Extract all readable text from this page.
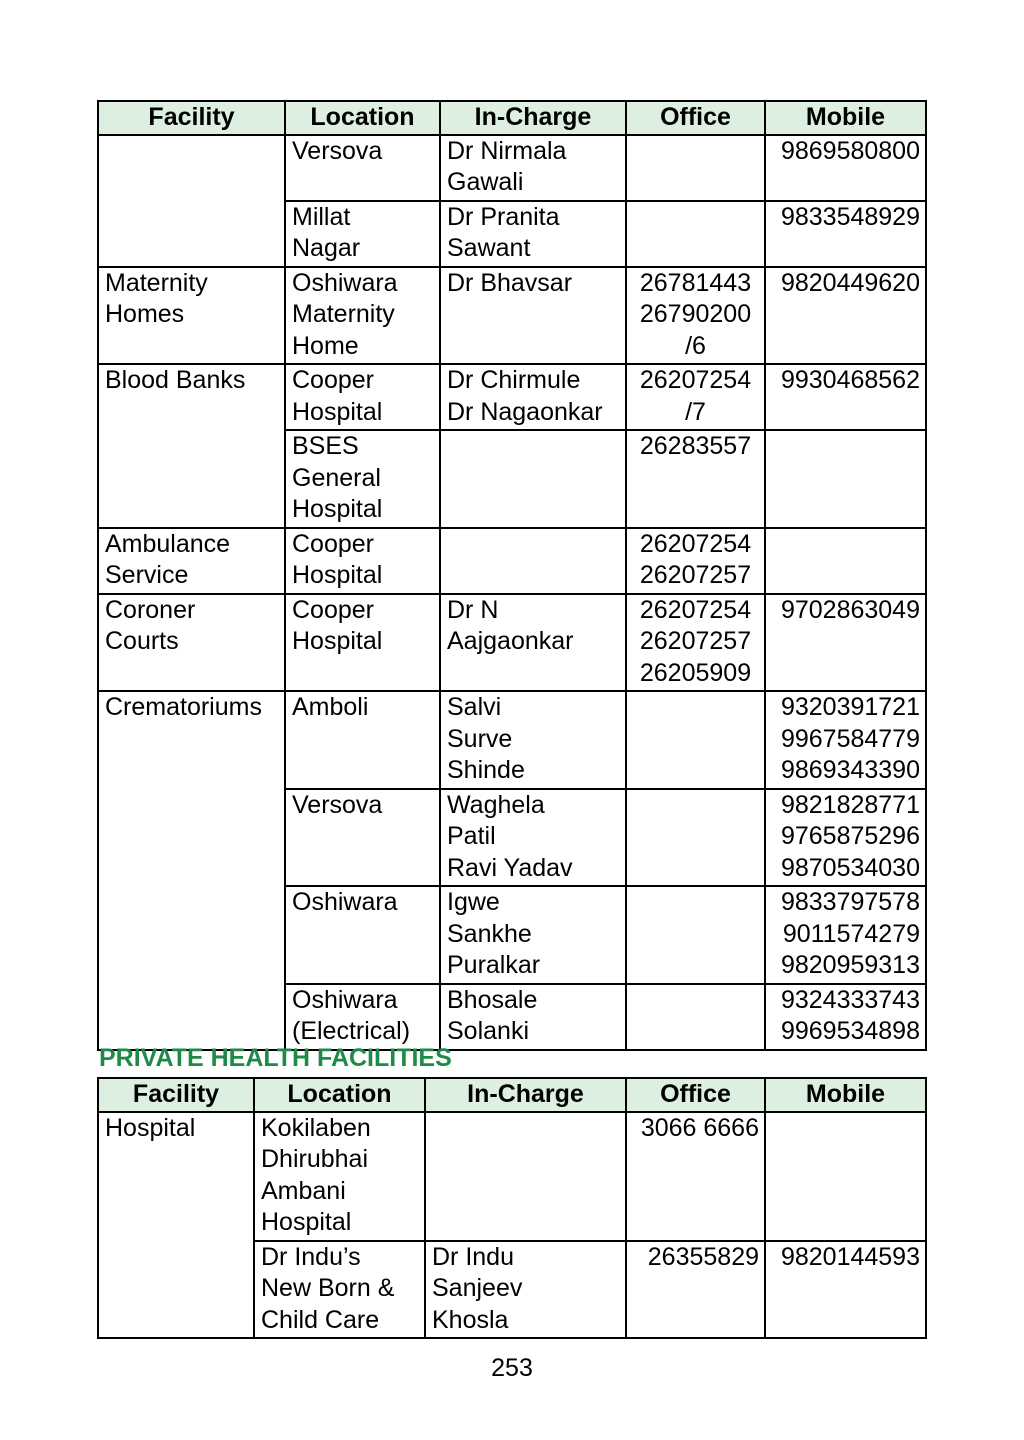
Facility	Location	In-Charge	Office	Mobile

	Versova	Dr Nirmala
Gawali		9869580800

	Millat
Nagar	Dr Pranita
Sawant		9833548929

Maternity
Homes	Oshiwara
Maternity
Home	Dr Bhavsar	26781443
26790200
/6	9820449620

Blood Banks	Cooper
Hospital	Dr Chirmule
Dr Nagaonkar	26207254
/7	9930468562

	BSES
General
Hospital		26283557	

Ambulance
Service	Cooper
Hospital		26207254
26207257	

Coroner
Courts	Cooper
Hospital	Dr N
Aajgaonkar	26207254
26207257
26205909	9702863049

Crematoriums	Amboli	Salvi
Surve
Shinde		9320391721
9967584779
9869343390

	Versova	Waghela
Patil
Ravi Yadav		9821828771
9765875296
9870534030

	Oshiwara	Igwe
Sankhe
Puralkar		9833797578
9011574279
9820959313

	Oshiwara
(Electrical)	Bhosale
Solanki		9324333743
9969534898
PRIVATE HEALTH FACILITIES
Facility	Location	In-Charge	Office	Mobile

Hospital	Kokilaben
Dhirubhai
Ambani
Hospital		3066 6666	

	Dr Indu’s
New Born &
Child Care	Dr Indu
Sanjeev
Khosla	26355829	9820144593
253
